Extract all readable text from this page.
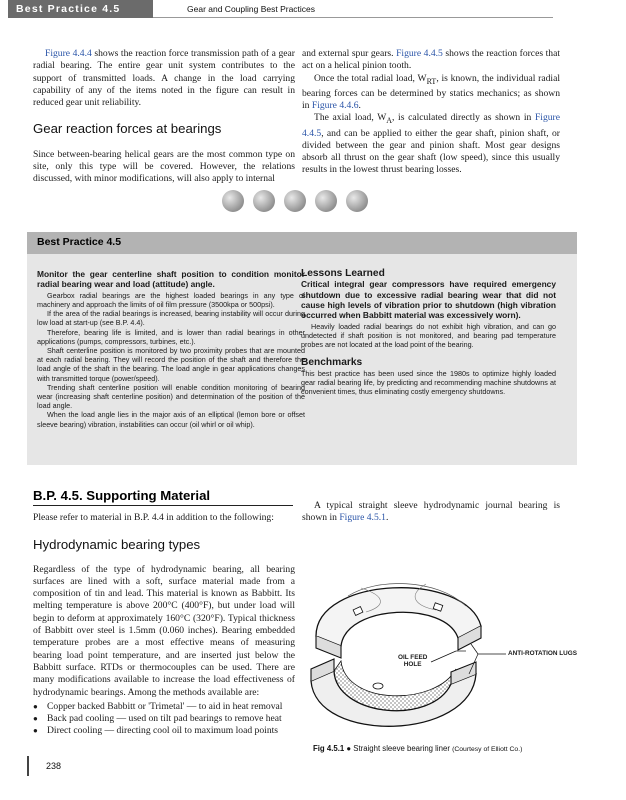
Best Practice 4.5	Gear and Coupling Best Practices

Figure 4.4.4 shows the reaction force transmission path of a gear radial bearing. The entire gear unit system contributes to the support of transmitted loads. A change in the load carrying capability of any of the items noted in the figure can result in reduced gear unit reliability.

Gear reaction forces at bearings

Since between-bearing helical gears are the most common type on site, only this type will be covered. However, the relations discussed, with minor modifications, will also apply to internal

and external spur gears. Figure 4.4.5 shows the reaction forces that act on a helical pinion tooth.

Once the total radial load, $W_{RT}$, is known, the individual radial bearing forces can be determined by statics mechanics; as shown in Figure 4.4.6.

The axial load, $W_A$, is calculated directly as shown in Figure 4.4.5, and can be applied to either the gear shaft, pinion shaft, or divided between the gear and pinion shaft. Most gear designs absorb all thrust on the gear shaft (low speed), since this usually results in the lowest thrust bearing losses.

Best Practice 4.5

Monitor the gear centerline shaft position to condition monitor radial bearing wear and load (attitude) angle.

Gearbox radial bearings are the highest loaded bearings in any type of machinery and approach the limits of oil film pressure (3500kpa or 500psi).

If the area of the radial bearings is increased, bearing instability will occur during low load at start-up (see B.P. 4.4).

Therefore, bearing life is limited, and is lower than radial bearings in other applications (pumps, compressors, turbines, etc.).

Shaft centerline position is monitored by two proximity probes that are mounted at each radial bearing. They will record the position of the shaft and therefore the load angle of the shaft in the bearing. The load angle in gear applications changes with transmitted torque (power/speed).

Trending shaft centerline position will enable condition monitoring of bearing wear (increasing shaft centerline position) and determination of the position of the load angle.

When the load angle lies in the major axis of an elliptical (lemon bore or offset sleeve bearing) vibration, instabilities can occur (oil whirl or oil whip).

Lessons Learned

Critical integral gear compressors have required emergency shutdown due to excessive radial bearing wear that did not cause high levels of vibration prior to shutdown (high vibration occurred when Babbitt material was excessively worn).

Heavily loaded radial bearings do not exhibit high vibration, and can go undetected if shaft position is not monitored, and bearing pad temperature probes are not located at the load point of the bearing.

Benchmarks

This best practice has been used since the 1980s to optimize highly loaded gear radial bearing life, by predicting and recommending machine shutdowns at convenient times, thus eliminating costly emergency shutdowns.

B.P. 4.5. Supporting Material

Please refer to material in B.P. 4.4 in addition to the following:

Hydrodynamic bearing types

Regardless of the type of hydrodynamic bearing, all bearing surfaces are lined with a soft, surface material made from a composition of tin and lead. This material is known as Babbitt. Its melting temperature is above 200°C (400°F), but under load will begin to deform at approximately 160°C (320°F). Typical thickness of Babbitt over steel is 1.5mm (0.060 inches). Bearing embedded temperature probes are a most effective means of measuring bearing load point temperature, and are inserted just below the Babbitt surface. RTDs or thermocouples can be used. There are many modifications available to increase the load effectiveness of hydrodynamic bearings. Among the methods available are:

● Copper backed Babbitt or 'Trimetal' — to aid in heat removal
● Back pad cooling — used on tilt pad bearings to remove heat
● Direct cooling — directing cool oil to maximum load points

A typical straight sleeve hydrodynamic journal bearing is shown in Figure 4.5.1.

OIL FEED
HOLE
ANTI-ROTATION LUGS
Fig 4.5.1 ● Straight sleeve bearing liner (Courtesy of Elliott Co.)
238
